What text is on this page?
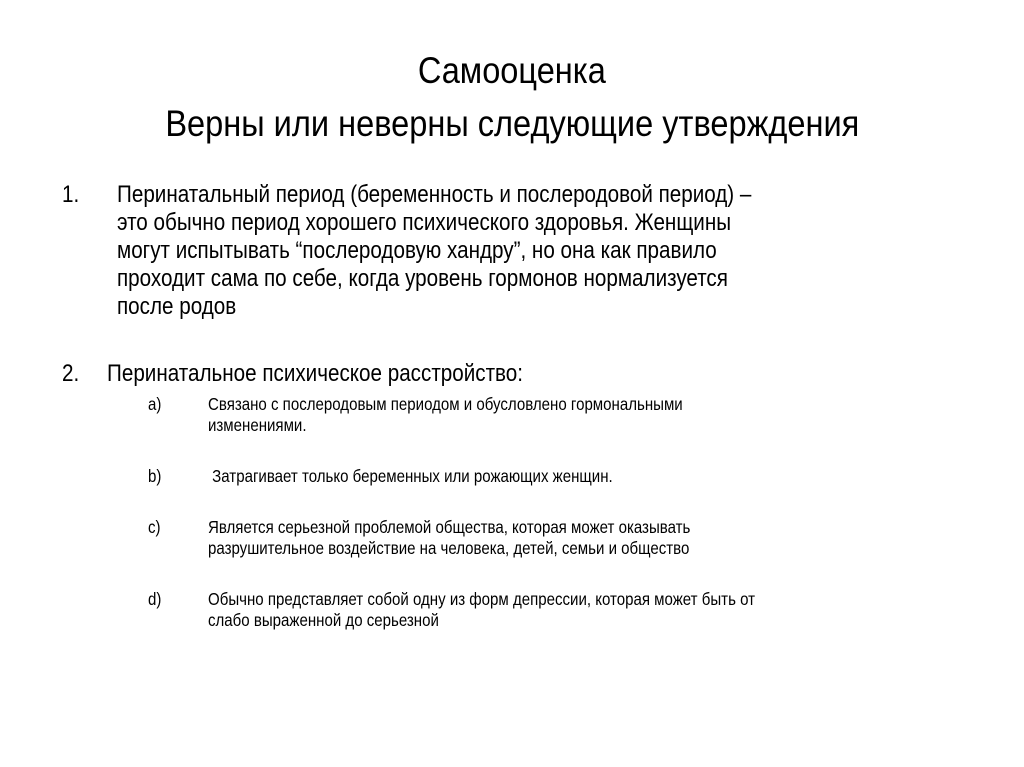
Самооценка
Верны или неверны следующие утверждения
1. Перинатальный период (беременность и послеродовой период) –
это обычно период хорошего психического здоровья. Женщины
могут испытывать “послеродовую хандру”, но она как правило
проходит сама по себе, когда уровень гормонов нормализуется
после родов
2. Перинатальное психическое расстройство:
a)	Связано с послеродовым периодом и обусловлено гормональными
изменениями.
b)	Затрагивает только беременных или рожающих женщин.
c)	Является серьезной проблемой общества, которая может оказывать
разрушительное воздействие на человека, детей, семьи и общество
d)	Обычно представляет собой одну из форм депрессии, которая может быть от
слабо выраженной до серьезной
